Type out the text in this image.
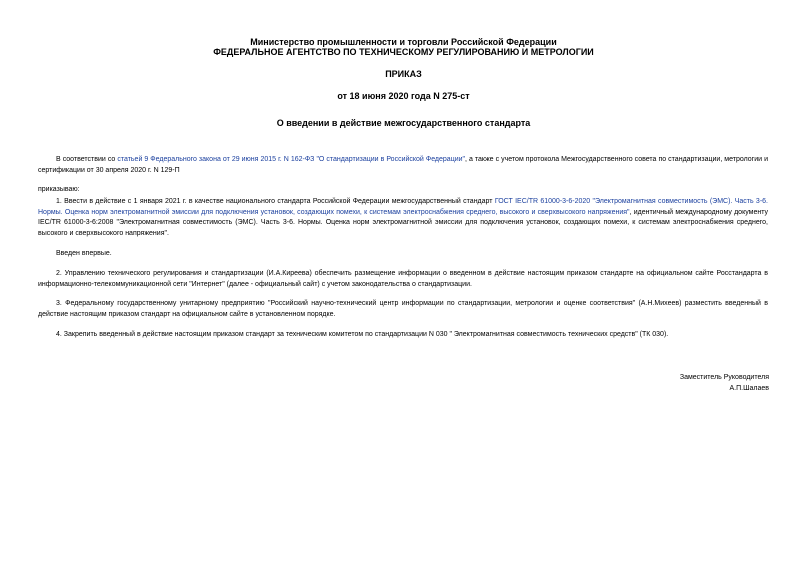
Министерство промышленности и торговли Российской Федерации
ФЕДЕРАЛЬНОЕ АГЕНТСТВО ПО ТЕХНИЧЕСКОМУ РЕГУЛИРОВАНИЮ И МЕТРОЛОГИИ
ПРИКАЗ
от 18 июня 2020 года N 275-ст
О введении в действие межгосударственного стандарта
В соответствии со статьей 9 Федерального закона от 29 июня 2015 г. N 162-ФЗ "О стандартизации в Российской Федерации", а также с учетом протокола Межгосударственного совета по стандартизации, метрологии и сертификации от 30 апреля 2020 г. N 129-П
приказываю:
1. Ввести в действие с 1 января 2021 г. в качестве национального стандарта Российской Федерации межгосударственный стандарт ГОСТ IEC/TR 61000-3-6-2020 "Электромагнитная совместимость (ЭМС). Часть 3-6. Нормы. Оценка норм электромагнитной эмиссии для подключения установок, создающих помехи, к системам электроснабжения среднего, высокого и сверхвысокого напряжения", идентичный международному документу IEC/TR 61000-3-6:2008 "Электромагнитная совместимость (ЭМС). Часть 3-6. Нормы. Оценка норм электромагнитной эмиссии для подключения установок, создающих помехи, к системам электроснабжения среднего, высокого и сверхвысокого напряжения".
Введен впервые.
2. Управлению технического регулирования и стандартизации (И.А.Киреева) обеспечить размещение информации о введенном в действие настоящим приказом стандарте на официальном сайте Росстандарта в информационно-телекоммуникационной сети "Интернет" (далее - официальный сайт) с учетом законодательства о стандартизации.
3. Федеральному государственному унитарному предприятию "Российский научно-технический центр информации по стандартизации, метрологии и оценке соответствия" (А.Н.Михеев) разместить введенный в действие настоящим приказом стандарт на официальном сайте в установленном порядке.
4. Закрепить введенный в действие настоящим приказом стандарт за техническим комитетом по стандартизации N 030 " Электромагнитная совместимость технических средств" (ТК 030).
Заместитель Руководителя
А.П.Шалаев
